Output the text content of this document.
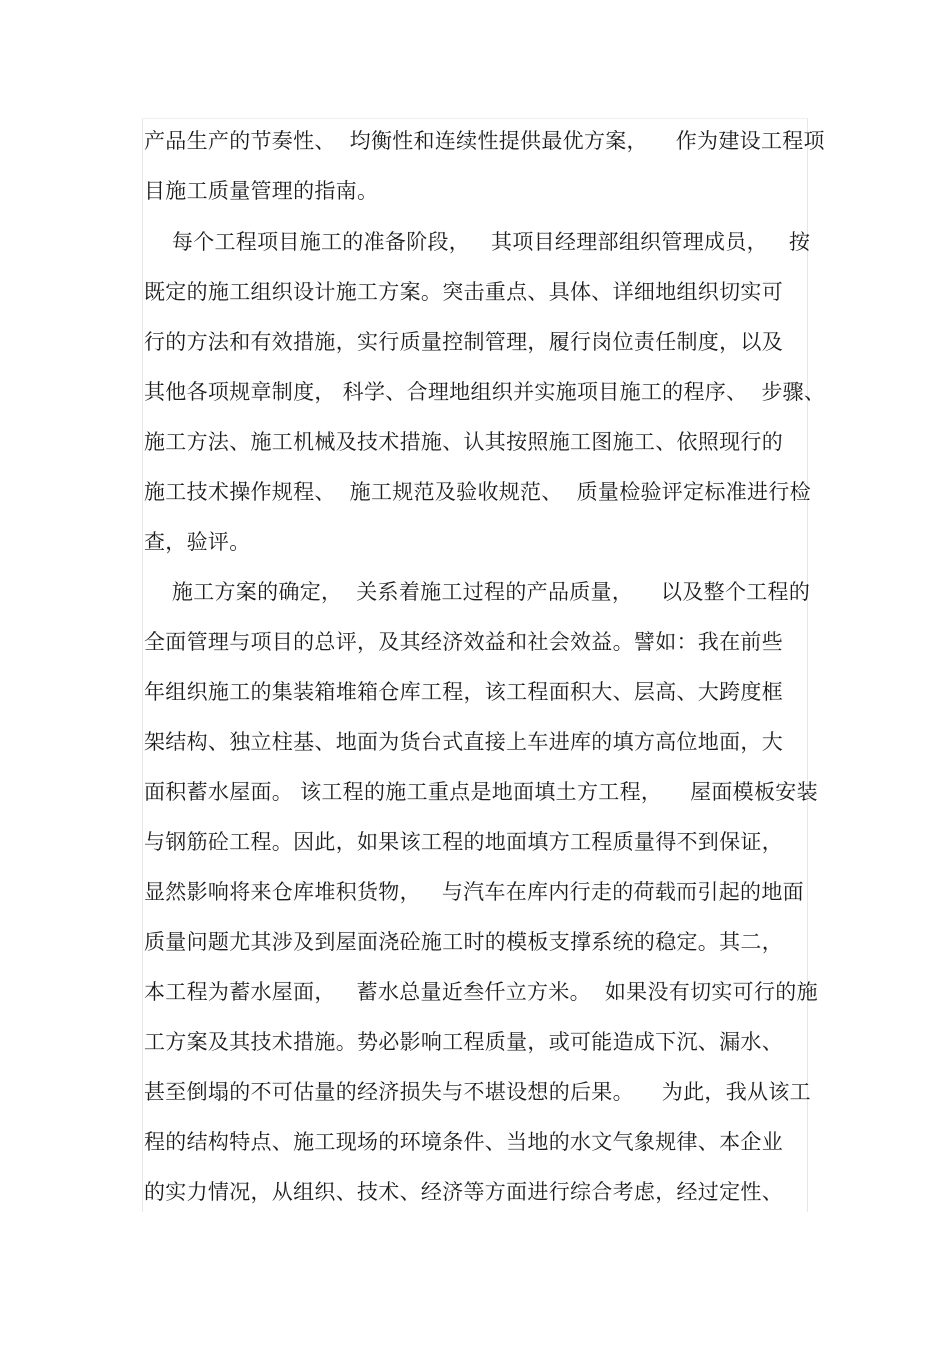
产品生产的节奏性、  均衡性和连续性提供最优方案，    作为建设工程项
目施工质量管理的指南。
每个工程项目施工的准备阶段，   其项目经理部组织管理成员，   按
既定的施工组织设计施工方案。突击重点、具体、详细地组织切实可
行的方法和有效措施，实行质量控制管理，履行岗位责任制度，以及
其他各项规章制度， 科学、合理地组织并实施项目施工的程序、  步骤、
施工方法、施工机械及技术措施、认其按照施工图施工、依照现行的
施工技术操作规程、  施工规范及验收规范、  质量检验评定标准进行检
查，验评。
施工方案的确定，  关系着施工过程的产品质量，    以及整个工程的
全面管理与项目的总评，及其经济效益和社会效益。譬如：我在前些
年组织施工的集装箱堆箱仓库工程，该工程面积大、层高、大跨度框
架结构、独立柱基、地面为货台式直接上车进库的填方高位地面，大
面积蓄水屋面。 该工程的施工重点是地面填土方工程，    屋面模板安装
与钢筋砼工程。因此，如果该工程的地面填方工程质量得不到保证，
显然影响将来仓库堆积货物，   与汽车在库内行走的荷载而引起的地面
质量问题尤其涉及到屋面浇砼施工时的模板支撑系统的稳定。其二，
本工程为蓄水屋面，   蓄水总量近叁仟立方米。  如果没有切实可行的施
工方案及其技术措施。势必影响工程质量，或可能造成下沉、漏水、
甚至倒塌的不可估量的经济损失与不堪设想的后果。    为此，我从该工
程的结构特点、施工现场的环境条件、当地的水文气象规律、本企业
的实力情况，从组织、技术、经济等方面进行综合考虑，经过定性、
